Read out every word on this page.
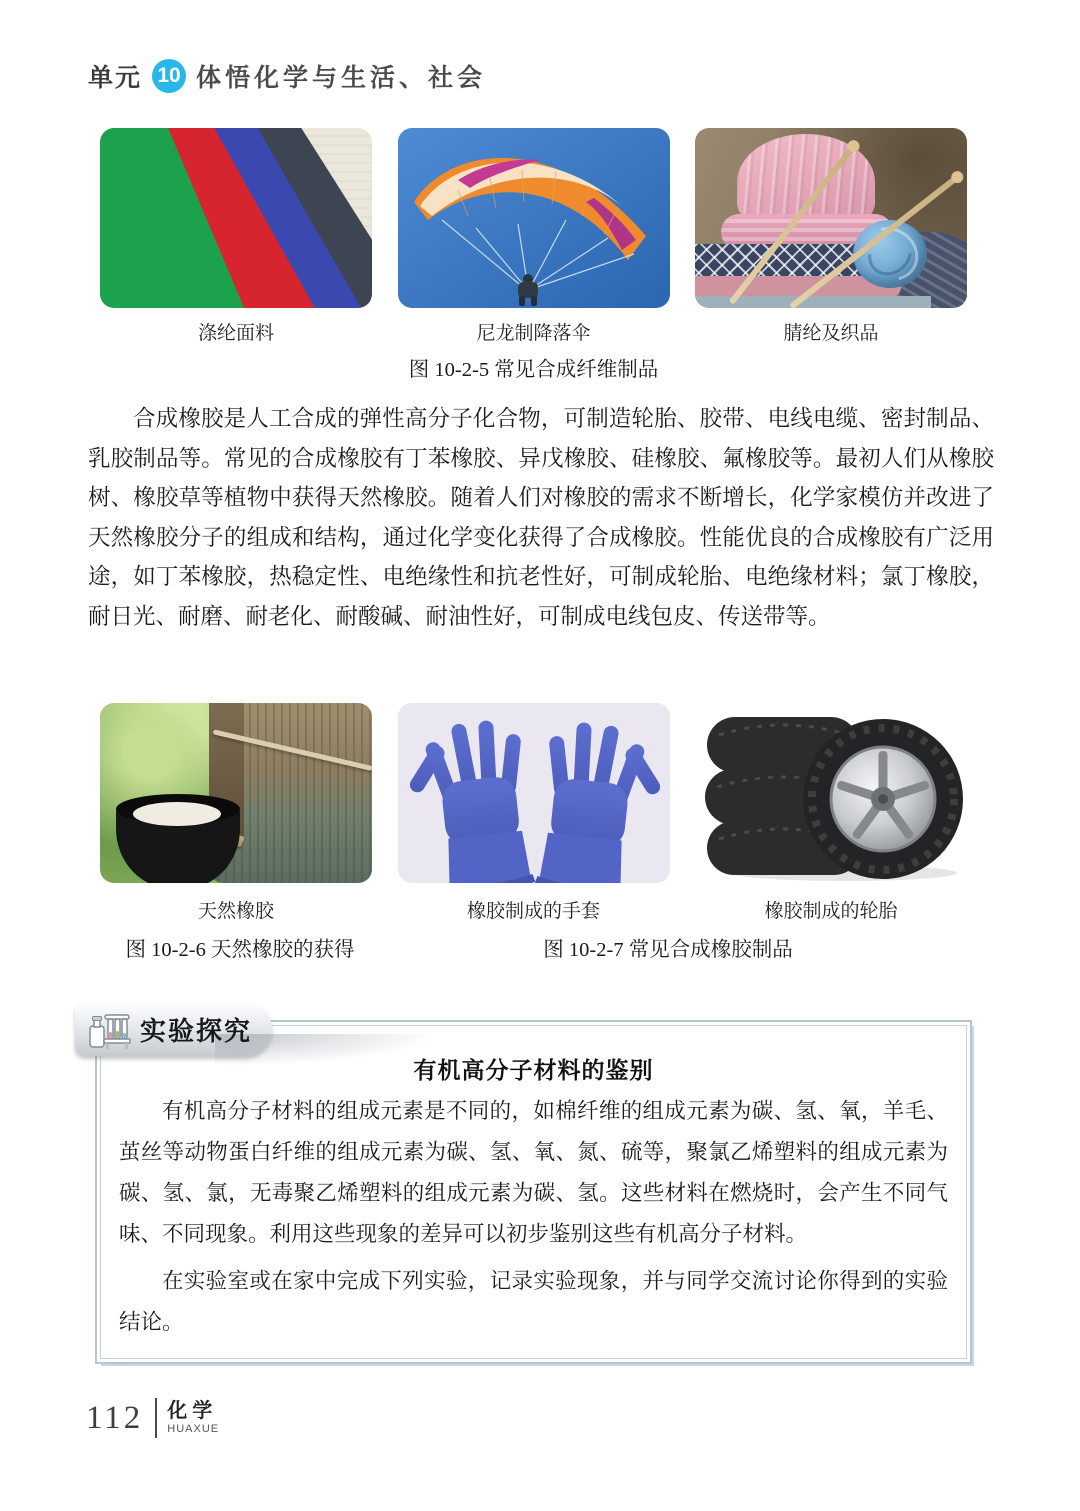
单元 10 体悟化学与生活、社会
涤纶面料	尼龙制降落伞	腈纶及织品
图 10-2-5 常见合成纤维制品
合成橡胶是人工合成的弹性高分子化合物，可制造轮胎、胶带、电线电缆、密封制品、乳胶制品等。常见的合成橡胶有丁苯橡胶、异戊橡胶、硅橡胶、氟橡胶等。最初人们从橡胶树、橡胶草等植物中获得天然橡胶。随着人们对橡胶的需求不断增长，化学家模仿并改进了天然橡胶分子的组成和结构，通过化学变化获得了合成橡胶。性能优良的合成橡胶有广泛用途，如丁苯橡胶，热稳定性、电绝缘性和抗老性好，可制成轮胎、电绝缘材料；氯丁橡胶，耐日光、耐磨、耐老化、耐酸碱、耐油性好，可制成电线包皮、传送带等。
天然橡胶	橡胶制成的手套	橡胶制成的轮胎
图 10-2-6 天然橡胶的获得	图 10-2-7 常见合成橡胶制品
有机高分子材料的鉴别

有机高分子材料的组成元素是不同的，如棉纤维的组成元素为碳、氢、氧，羊毛、茧丝等动物蛋白纤维的组成元素为碳、氢、氧、氮、硫等，聚氯乙烯塑料的组成元素为碳、氢、氯，无毒聚乙烯塑料的组成元素为碳、氢。这些材料在燃烧时，会产生不同气味、不同现象。利用这些现象的差异可以初步鉴别这些有机高分子材料。

在实验室或在家中完成下列实验，记录实验现象，并与同学交流讨论你得到的实验结论。

实验探究
112 化学
HUAXUE
